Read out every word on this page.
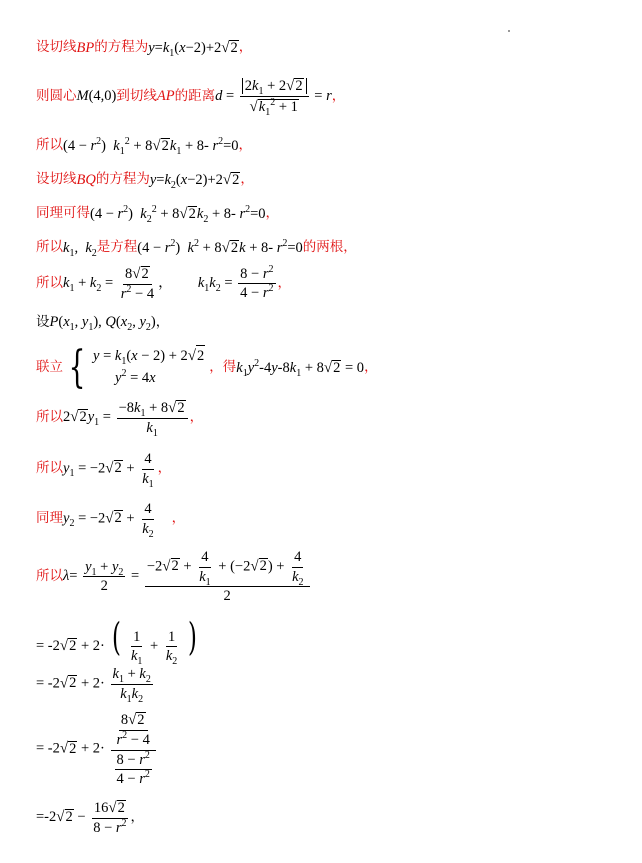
设切线 BP 的方程为 $y=k_1(x-2)+2√2$ ，
则圆心 M(4,0) 到切线 AP 的距离 $d = \frac{2k_1 + 2√2}{√k_1^2 + 1} = r$ ，
所以 $(4 - r^2)$  $k_1^2 + 8√2k_1 + 8-$ $r^2=0$ ，
设切线 BQ 的方程为 $y=k_2(x-2)+2√2$ ，
同理可得 $(4 - r^2)$  $k_2^2 + 8√2k_2 + 8-$ $r^2=0$ ，
所以 $k_1$,  $k_2$ 是方程 $(4 - r^2)$  $k^2 + 8√2k + 8-$ $r^2=0$ 的两根 ，
所以 $k_1 + k_2 = \frac{8√2}{r^2 - 4}$ ，  $k_1k_2 = \frac{8 - r^2}{4 - r^2}$ ，
设 $P(x_1$, $y_1$), $Q(x_2$, $y_2$) ，
联立 { $y = k_1(x - 2) + 2√2$
$y^2 = 4x$
， 得 $k_1y^2-4y-8k_1 + 8√2 = 0$ ，
所以 $2√2y_1 = \frac{-8k_1 + 8√2}{k_1}$ ，
所以 $y_1 = -2√2 + \frac{4}{k_1}$ ，
同理 $y_2 = -2√2 + \frac{4}{k_2}$ ，
所以 $\lambda= \frac{y_1 + y_2}{2} = \frac{-2√2 + \frac{4}{k_1} + (-2√2) + \frac{4}{k_2}}{2}$
= -2√2 + 2· ( $\frac{1}{k_1} + \frac{1}{k_2}$ )
= $-2√2 + 2\cdot \frac{k_1 + k_2}{k_1k_2}$
= $-2√2 + 2\cdot \frac{\frac{8√2}{r^2 - 4}}{\frac{8 - r^2}{4 - r^2}}$
$=-2√2 - \frac{16√2}{8 - r^2}$ ，
